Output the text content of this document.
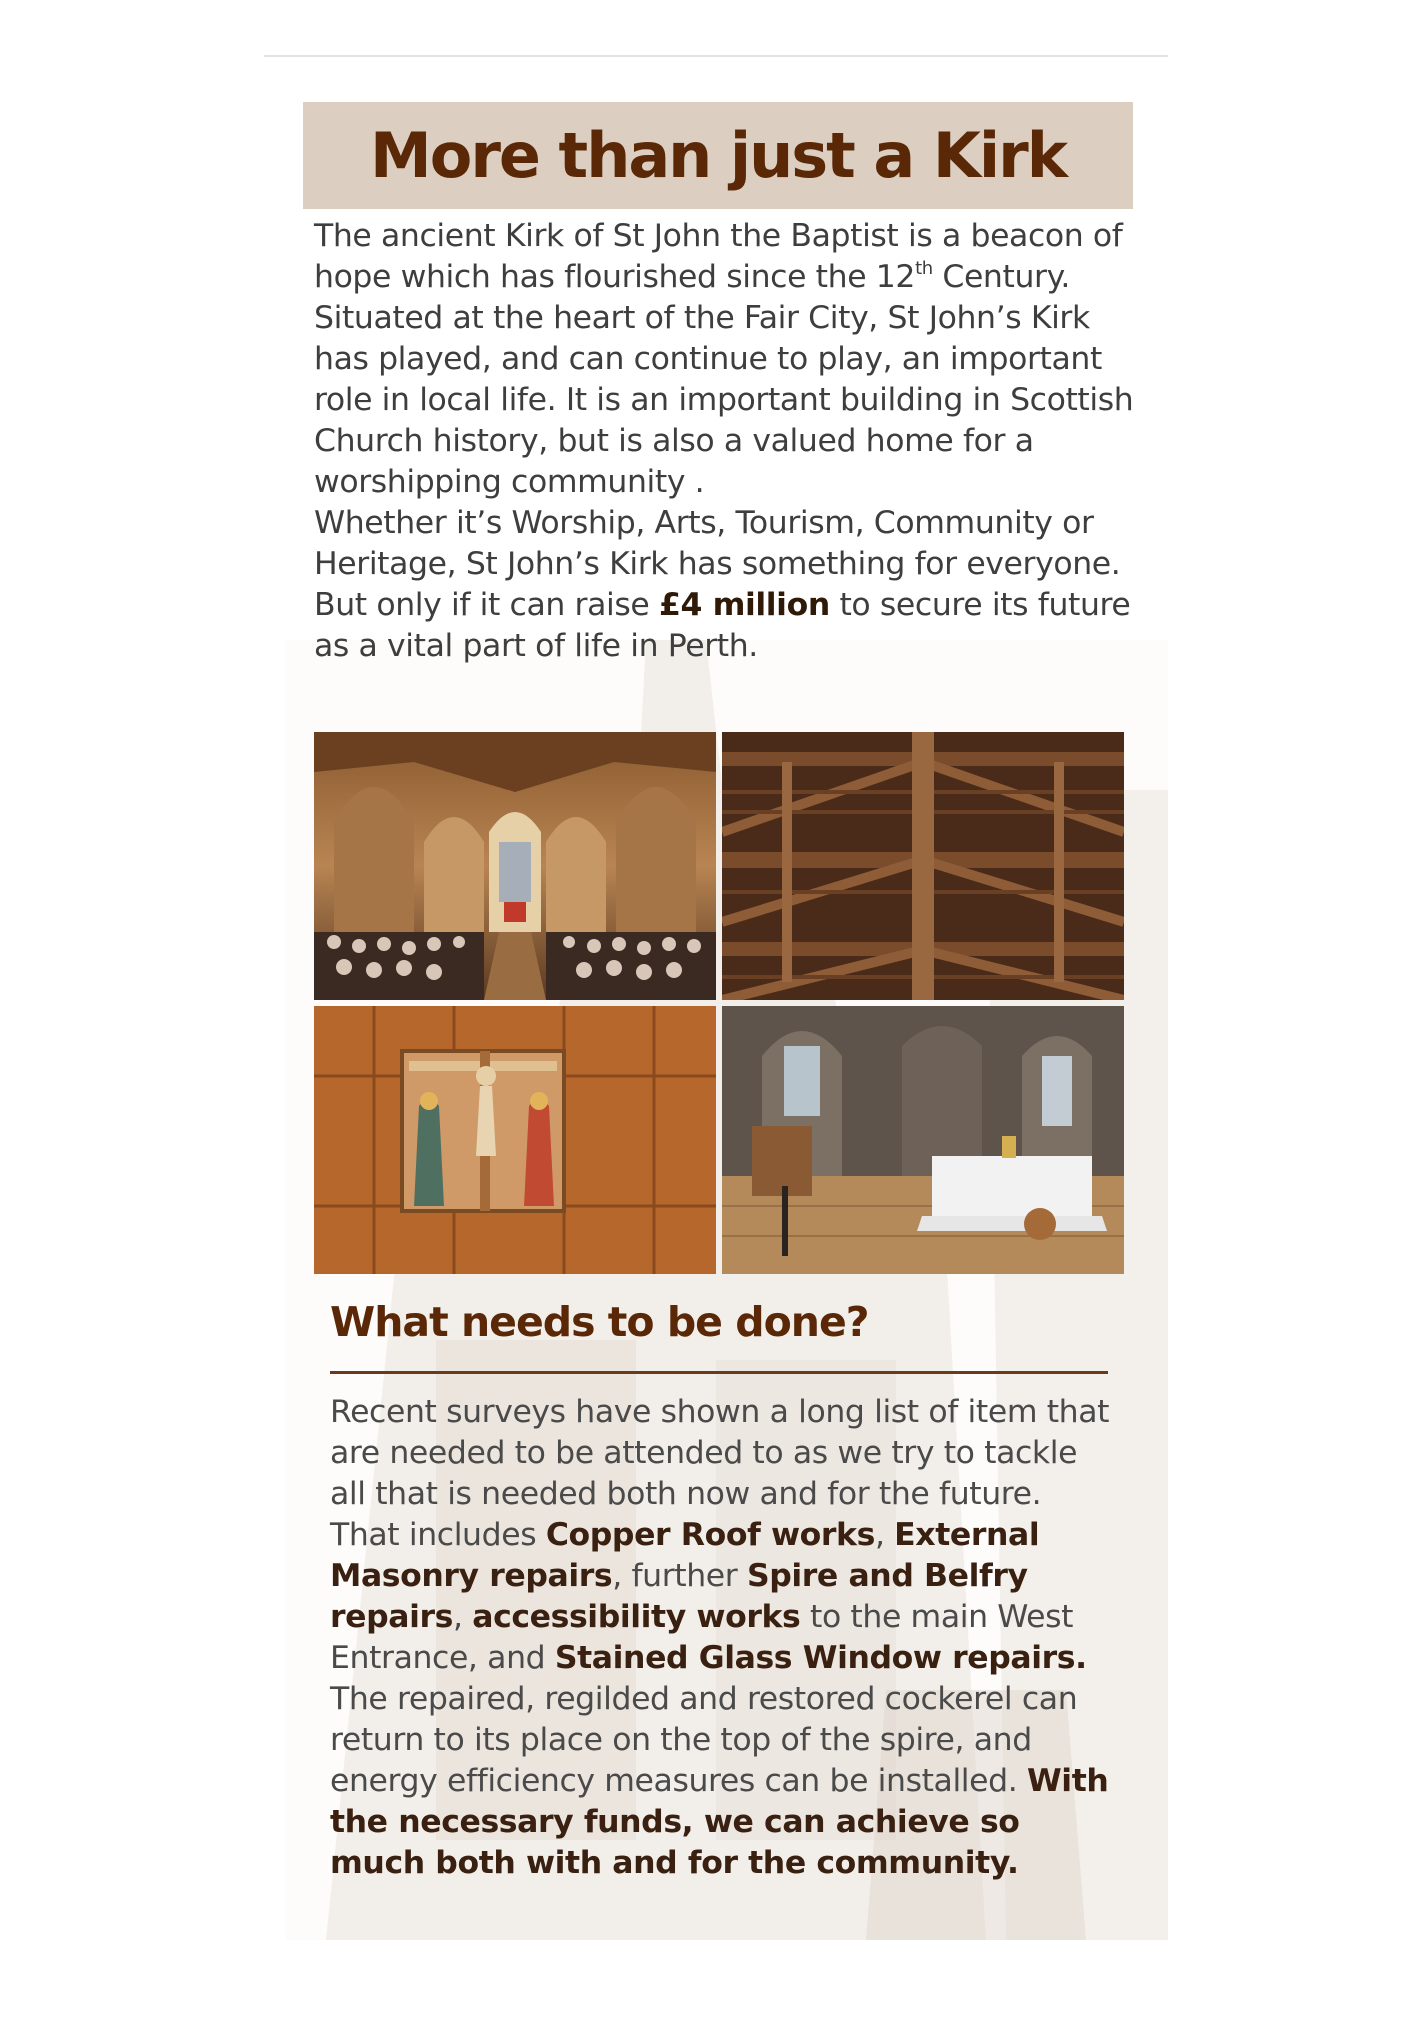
More than just a Kirk

The ancient Kirk of St John the Baptist is a beacon of hope which has flourished since the 12th Century. Situated at the heart of the Fair City, St John’s Kirk has played, and can continue to play, an important role in local life. It is an important building in Scottish Church history, but is also a valued home for a worshipping community .

Whether it’s Worship, Arts, Tourism, Community or Heritage, St John’s Kirk has something for everyone. But only if it can raise £4 million to secure its future as a vital part of life in Perth.

What needs to be done?

Recent surveys have shown a long list of item that are needed to be attended to as we try to tackle all that is needed both now and for the future. That includes Copper Roof works, External Masonry repairs, further Spire and Belfry repairs, accessibility works to the main West Entrance, and Stained Glass Window repairs. The repaired, regilded and restored cockerel can return to its place on the top of the spire, and energy efficiency measures can be installed. With the necessary funds, we can achieve so much both with and for the community.
